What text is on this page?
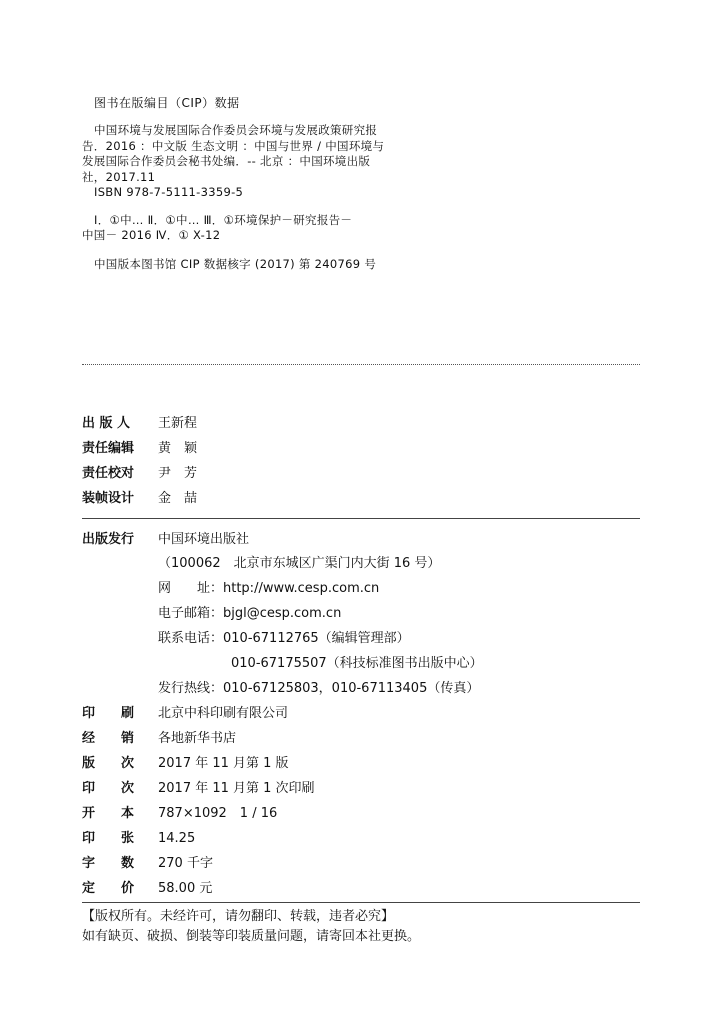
图书在版编目（CIP）数据
中国环境与发展国际合作委员会环境与发展政策研究报
告．2016 ：中文版 生态文明 ：中国与世界 / 中国环境与
发展国际合作委员会秘书处编．-- 北京 ：中国环境出版
社，2017.11
ISBN 978-7-5111-3359-5
Ⅰ．①中… Ⅱ．①中… Ⅲ．①环境保护－研究报告－
中国－ 2016 Ⅳ．① X-12
中国版本图书馆 CIP 数据核字 (2017) 第 240769 号
出 版 人 王新程
责任编辑 黄　颖
责任校对 尹　芳
装帧设计 金　喆
出版发行 中国环境出版社
（100062　北京市东城区广渠门内大街 16 号）
网　　址：http://www.cesp.com.cn
电子邮箱：bjgl@cesp.com.cn
联系电话：010-67112765（编辑管理部）
010-67175507（科技标准图书出版中心）
发行热线：010-67125803，010-67113405（传真）
印　　刷 北京中科印刷有限公司
经　　销 各地新华书店
版　　次 2017 年 11 月第 1 版
印　　次 2017 年 11 月第 1 次印刷
开　　本 787×1092　1 / 16
印　　张 14.25
字　　数 270 千字
定　　价 58.00 元
【版权所有。未经许可，请勿翻印、转载，违者必究】
如有缺页、破损、倒装等印装质量问题，请寄回本社更换。
